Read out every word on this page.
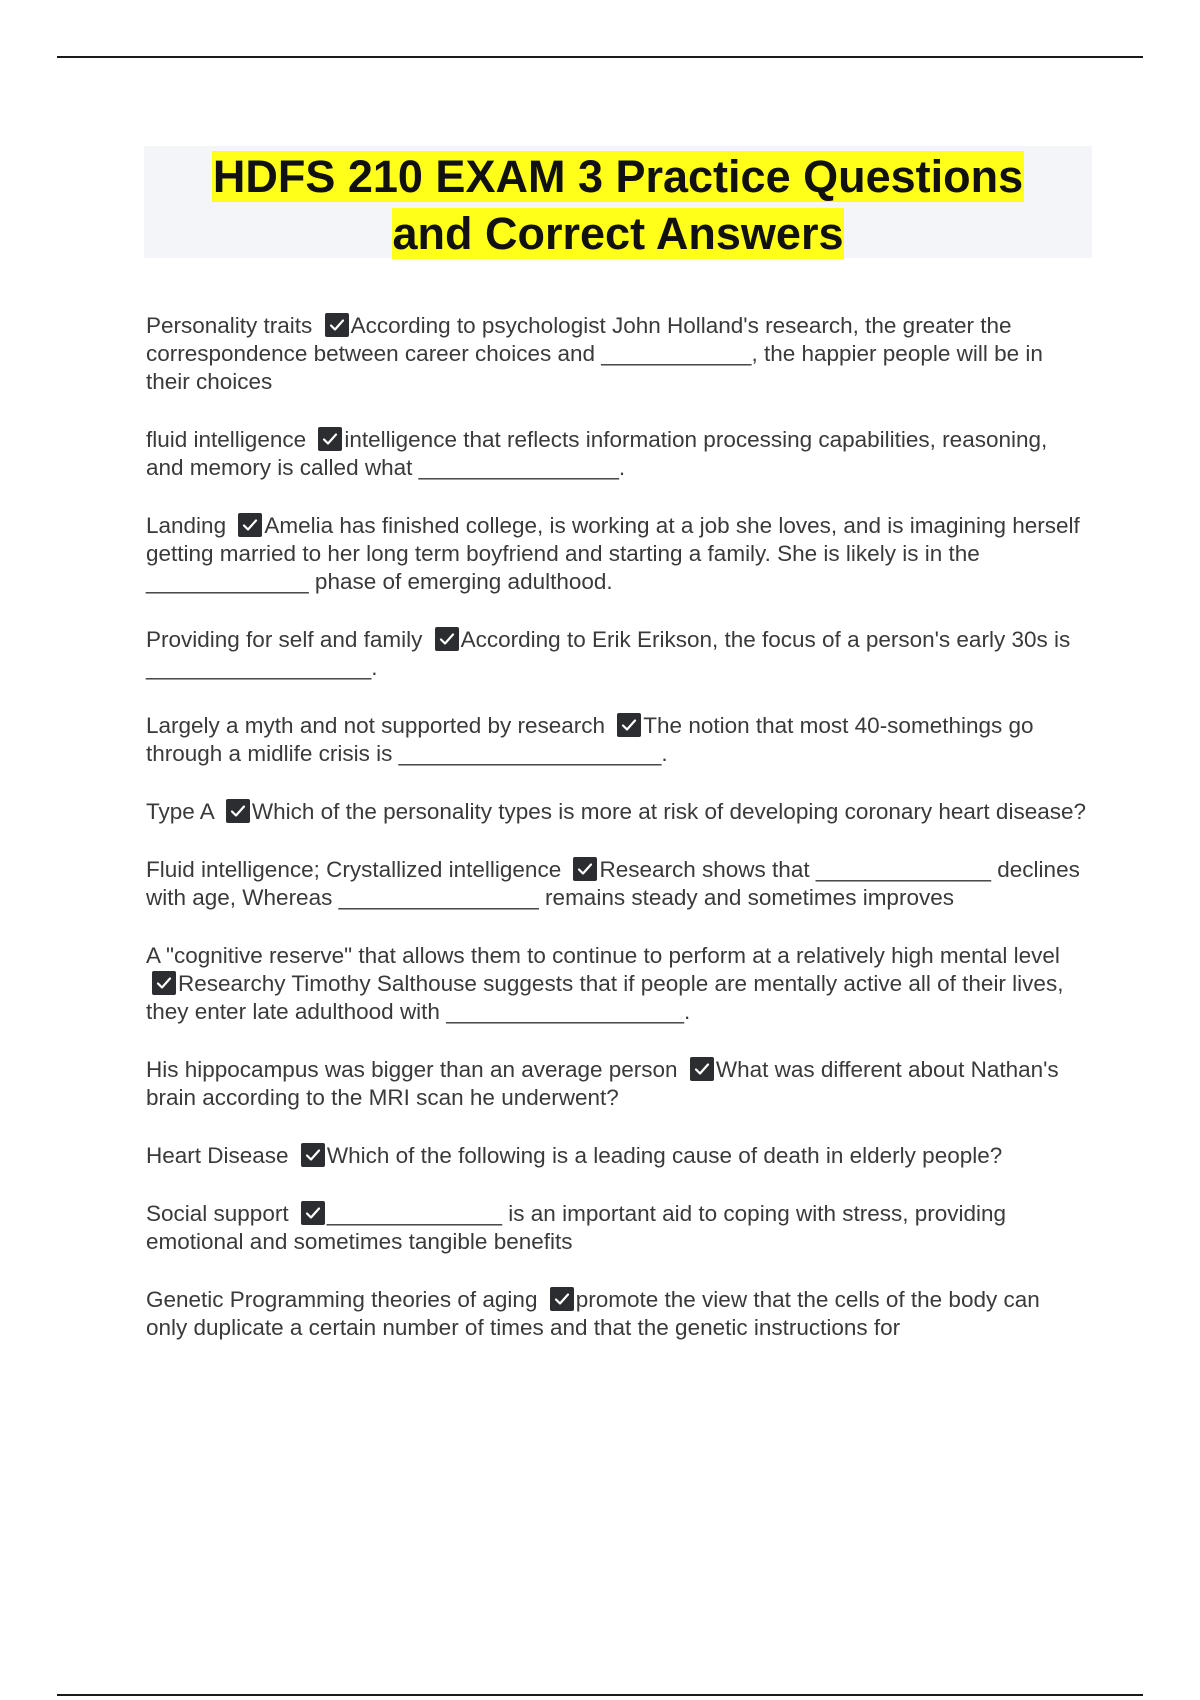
HDFS 210 EXAM 3 Practice Questions
and Correct Answers

Personality traits According to psychologist John Holland's research, the greater the correspondence between career choices and ____________, the happier people will be in their choices

fluid intelligence intelligence that reflects information processing capabilities, reasoning, and memory is called what ________________.

Landing Amelia has finished college, is working at a job she loves, and is imagining herself getting married to her long term boyfriend and starting a family. She is likely is in the _____________ phase of emerging adulthood.

Providing for self and family According to Erik Erikson, the focus of a person's early 30s is __________________.

Largely a myth and not supported by research The notion that most 40-somethings go through a midlife crisis is _____________________.

Type A Which of the personality types is more at risk of developing coronary heart disease?

Fluid intelligence; Crystallized intelligence Research shows that ______________ declines with age, Whereas ________________ remains steady and sometimes improves

A "cognitive reserve" that allows them to continue to perform at a relatively high mental level
Researchy Timothy Salthouse suggests that if people are mentally active all of their lives, they enter late adulthood with ___________________.

His hippocampus was bigger than an average person What was different about Nathan's brain according to the MRI scan he underwent?

Heart Disease Which of the following is a leading cause of death in elderly people?

Social support ______________ is an important aid to coping with stress, providing emotional and sometimes tangible benefits

Genetic Programming theories of aging promote the view that the cells of the body can only duplicate a certain number of times and that the genetic instructions for
